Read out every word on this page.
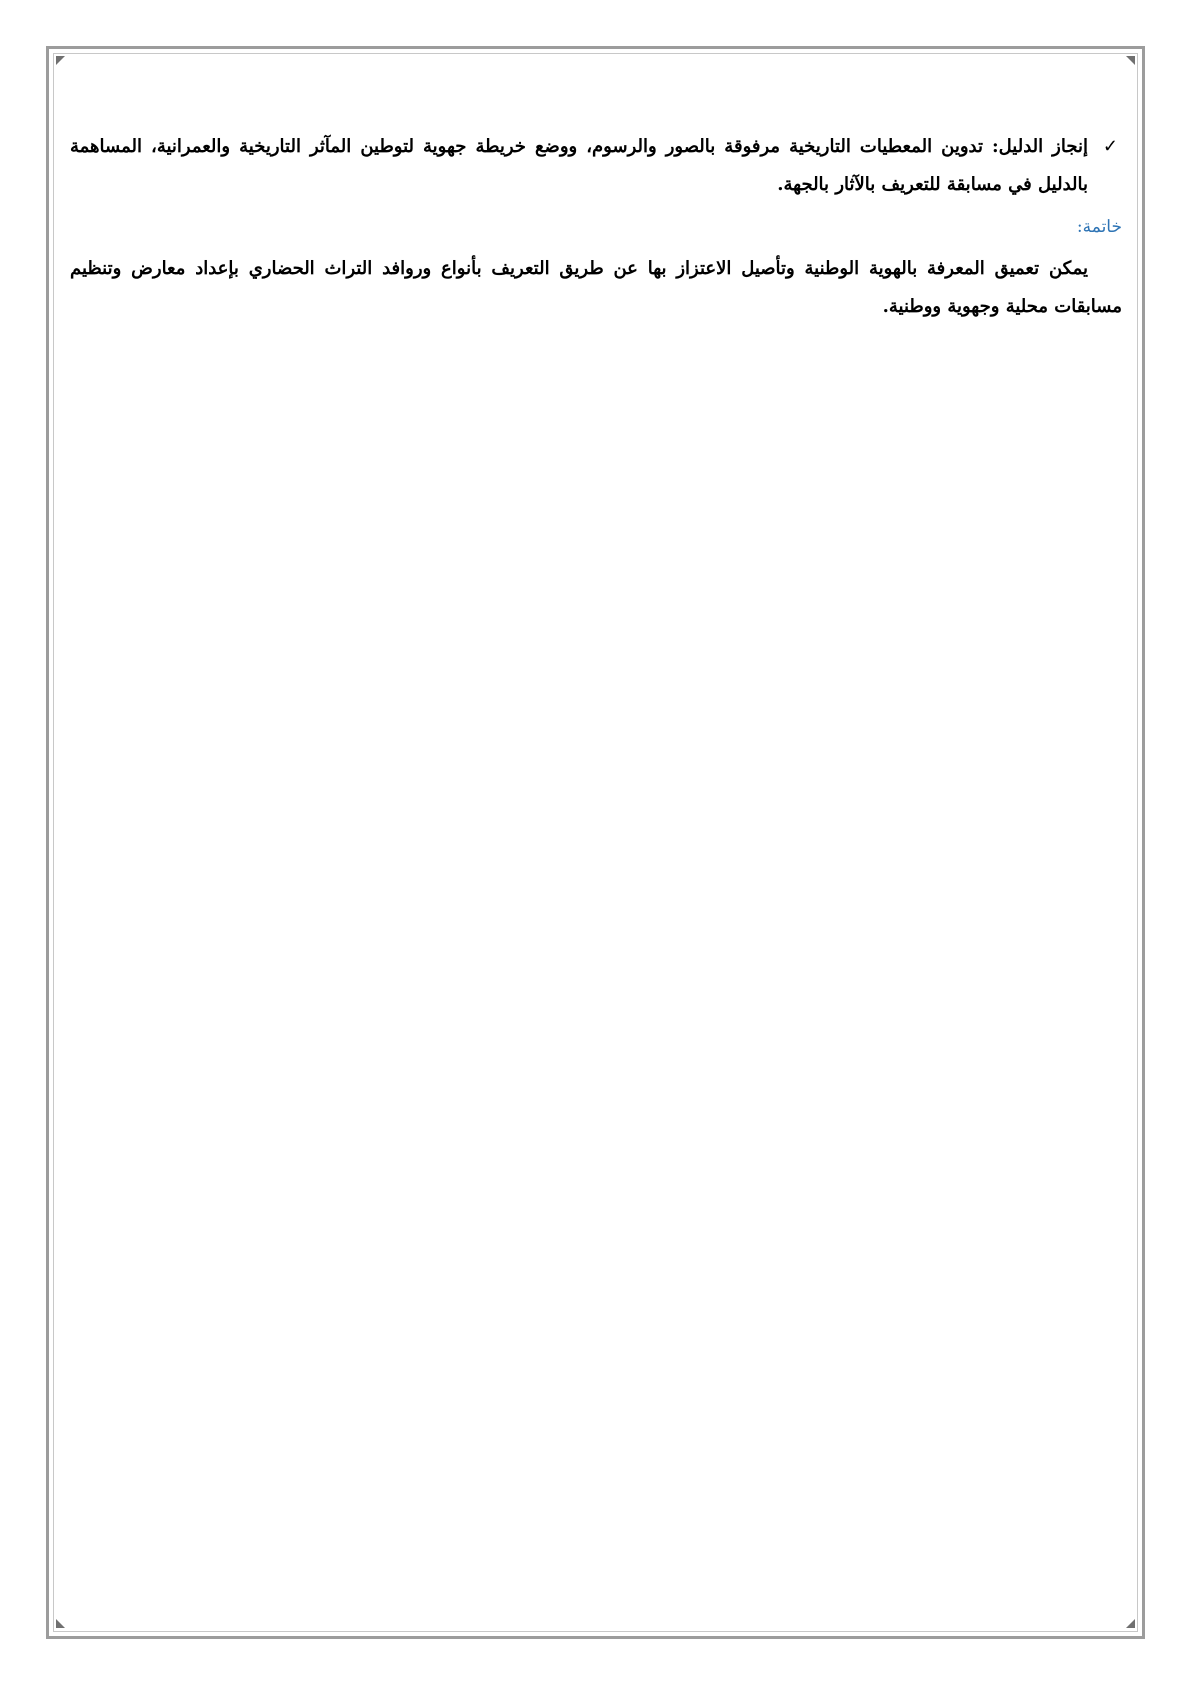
✓
إنجاز الدليل: تدوين المعطيات التاريخية مرفوقة بالصور والرسوم، ووضع خريطة جهوية لتوطين المآثر التاريخية والعمرانية، المساهمة بالدليل في مسابقة للتعريف بالآثار بالجهة.

خاتمة:

يمكن تعميق المعرفة بالهوية الوطنية وتأصيل الاعتزاز بها عن طريق التعريف بأنواع وروافد التراث الحضاري بإعداد معارض وتنظيم مسابقات محلية وجهوية ووطنية.
